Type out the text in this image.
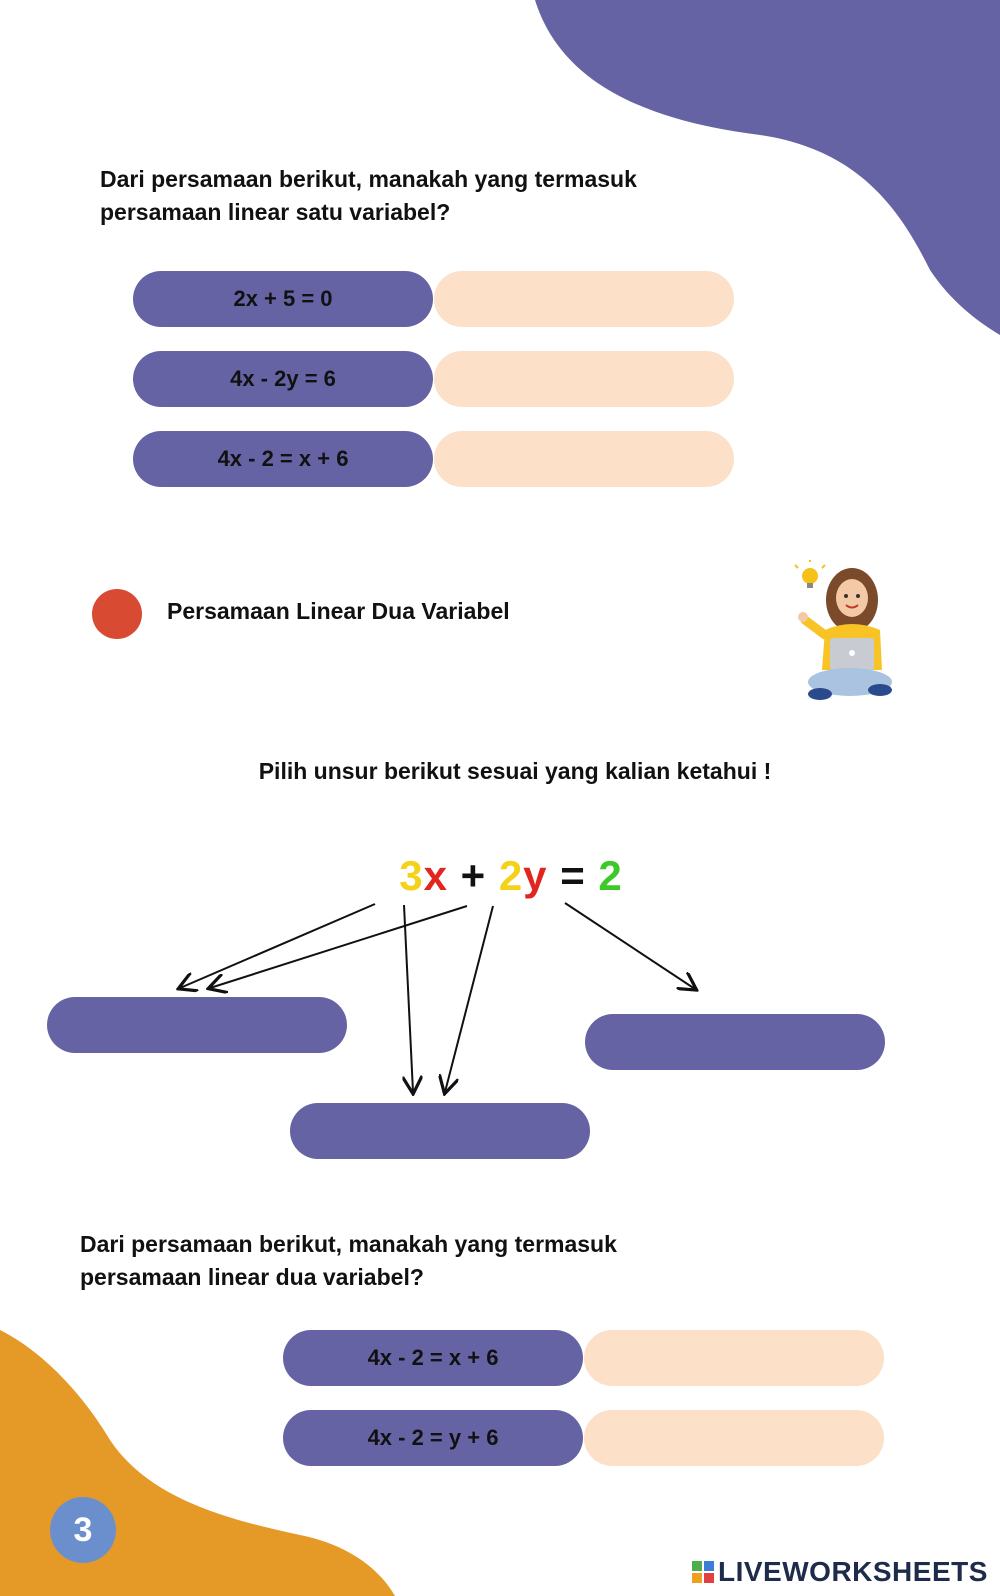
Dari persamaan berikut, manakah yang termasuk persamaan linear satu variabel?
2x + 5 = 0
4x - 2y = 6
4x - 2 = x + 6
Persamaan Linear Dua Variabel
Pilih unsur berikut sesuai yang kalian ketahui !
3x + 2y = 2
Dari persamaan berikut, manakah yang termasuk persamaan linear dua variabel?
4x - 2 = x + 6
4x - 2 = y + 6
3
LIVEWORKSHEETS
